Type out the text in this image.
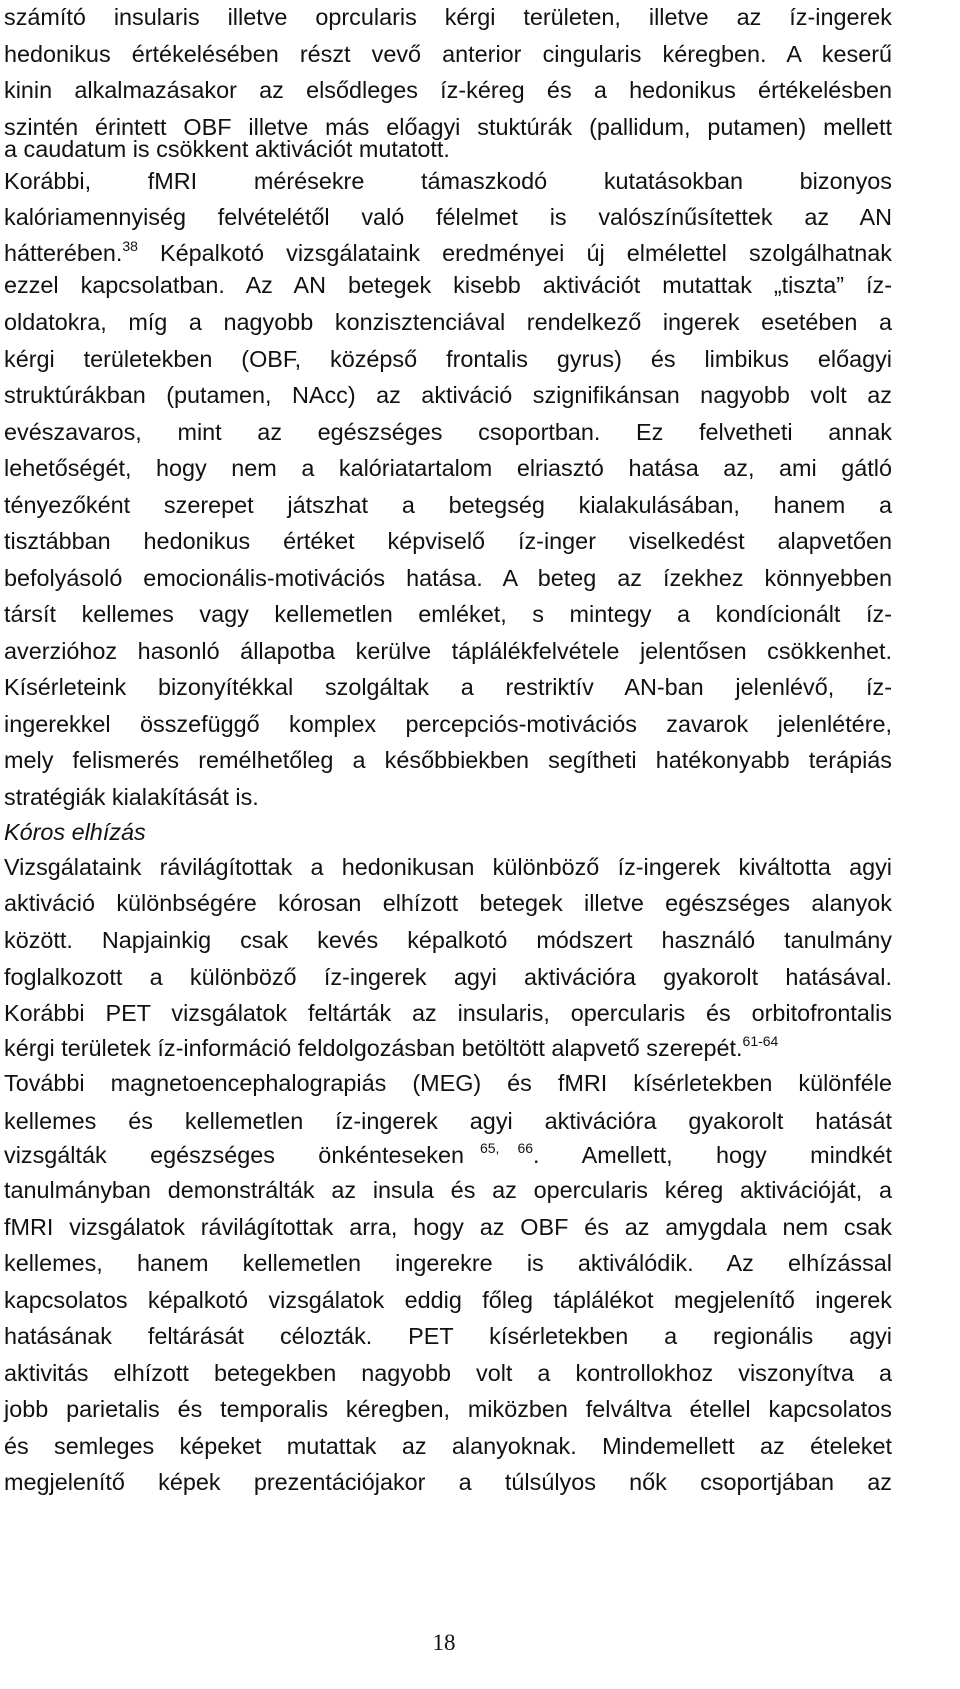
számító insularis illetve oprcularis kérgi területen, illetve az íz-ingerek
hedonikus értékelésében részt vevő anterior cingularis kéregben. A keserű
kinin alkalmazásakor az elsődleges íz-kéreg és a hedonikus értékelésben
szintén érintett OBF illetve más előagyi stuktúrák (pallidum, putamen) mellett
a caudatum is csökkent aktivációt mutatott.
Korábbi, fMRI mérésekre támaszkodó kutatásokban bizonyos
kalóriamennyiség felvételétől való félelmet is valószínűsítettek az AN
hátterében.$^{38}$ Képalkotó vizsgálataink eredményei új elmélettel szolgálhatnak
ezzel kapcsolatban. Az AN betegek kisebb aktivációt mutattak „tiszta” íz-
oldatokra, míg a nagyobb konzisztenciával rendelkező ingerek esetében a
kérgi területekben (OBF, középső frontalis gyrus) és limbikus előagyi
struktúrákban (putamen, NAcc) az aktiváció szignifikánsan nagyobb volt az
evészavaros, mint az egészséges csoportban. Ez felvetheti annak
lehetőségét, hogy nem a kalóriatartalom elriasztó hatása az, ami gátló
tényezőként szerepet játszhat a betegség kialakulásában, hanem a
tisztábban hedonikus értéket képviselő íz-inger viselkedést alapvetően
befolyásoló emocionális-motivációs hatása. A beteg az ízekhez könnyebben
társít kellemes vagy kellemetlen emléket, s mintegy a kondícionált íz-
averzióhoz hasonló állapotba kerülve táplálékfelvétele jelentősen csökkenhet.
Kísérleteink bizonyítékkal szolgáltak a restriktív AN-ban jelenlévő, íz-
ingerekkel összefüggő komplex percepciós-motivációs zavarok jelenlétére,
mely felismerés remélhetőleg a későbbiekben segítheti hatékonyabb terápiás
stratégiák kialakítását is.
Kóros elhízás
Vizsgálataink rávilágítottak a hedonikusan különböző íz-ingerek kiváltotta agyi
aktiváció különbségére kórosan elhízott betegek illetve egészséges alanyok
között. Napjainkig csak kevés képalkotó módszert használó tanulmány
foglalkozott a különböző íz-ingerek agyi aktivációra gyakorolt hatásával.
Korábbi PET vizsgálatok feltárták az insularis, opercularis és orbitofrontalis
kérgi területek íz-információ feldolgozásban betöltött alapvető szerepét.$^{61-64}$
További magnetoencephalograpiás (MEG) és fMRI kísérletekben különféle
kellemes és kellemetlen íz-ingerek agyi aktivációra gyakorolt hatását
vizsgálták egészséges önkénteseken $^{65,}$ $^{66}$. Amellett, hogy mindkét
tanulmányban demonstrálták az insula és az opercularis kéreg aktivációját, a
fMRI vizsgálatok rávilágítottak arra, hogy az OBF és az amygdala nem csak
kellemes, hanem kellemetlen ingerekre is aktiválódik. Az elhízással
kapcsolatos képalkotó vizsgálatok eddig főleg táplálékot megjelenítő ingerek
hatásának feltárását célozták. PET kísérletekben a regionális agyi
aktivitás elhízott betegekben nagyobb volt a kontrollokhoz viszonyítva a
jobb parietalis és temporalis kéregben, miközben felváltva étellel kapcsolatos
és semleges képeket mutattak az alanyoknak. Mindemellett az ételeket
megjelenítő képek prezentációjakor a túlsúlyos nők csoportjában az
18
